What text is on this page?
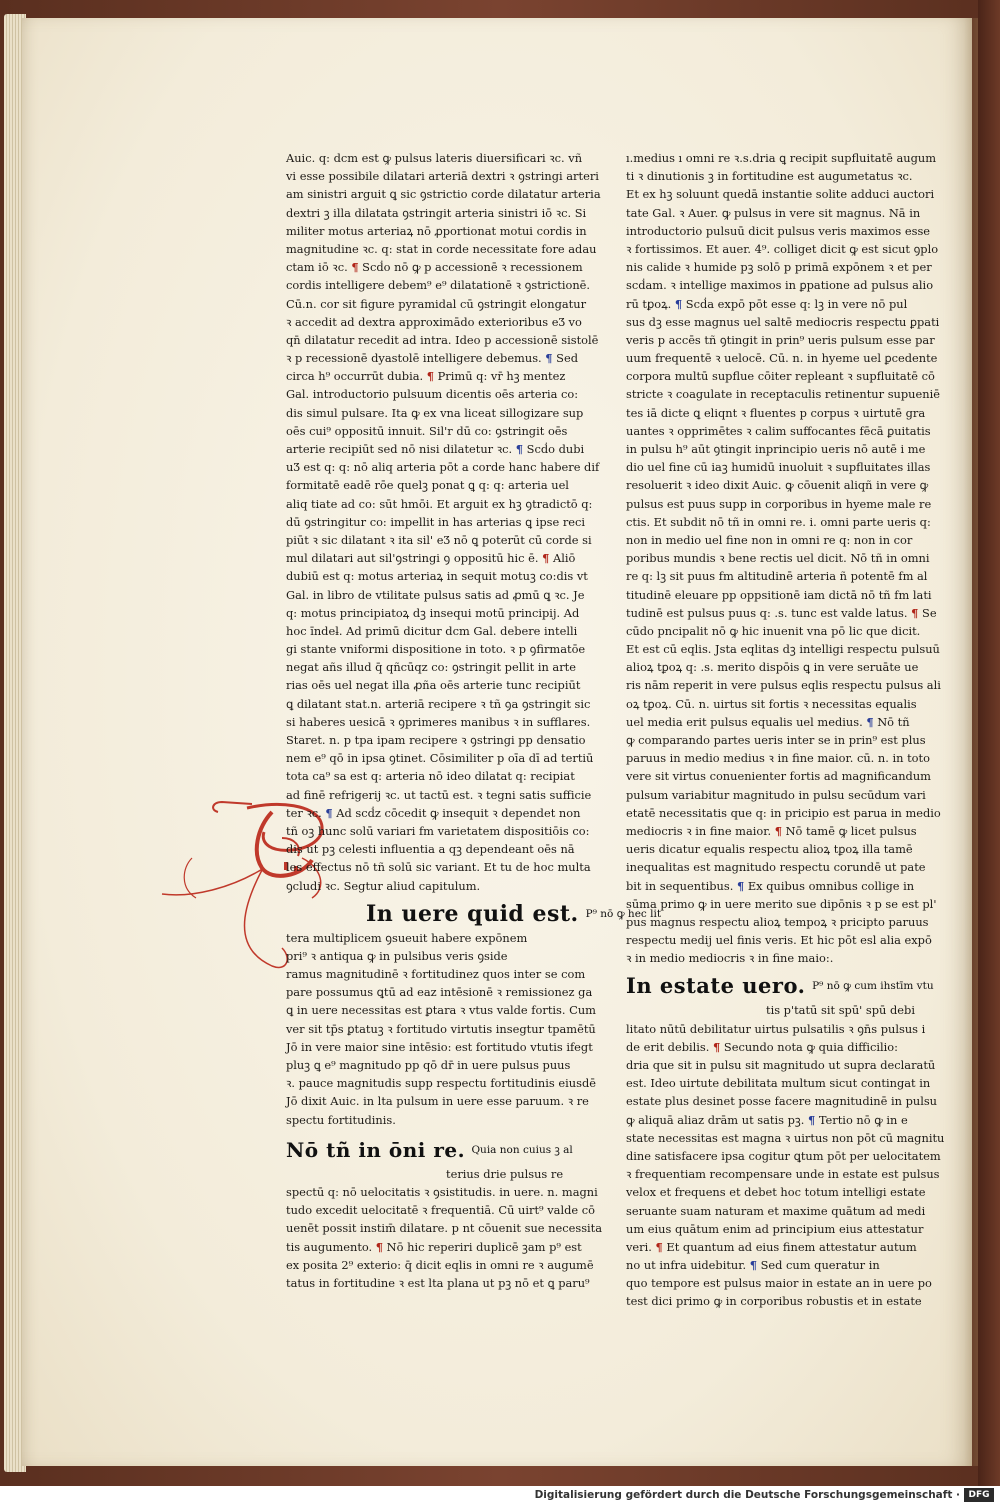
Auic. q: dcm est ꝙ pulsus lateris diuersificari ꝛc. vñ
vi esse possibile dilatari arteriā dextri ꝛ ꝯstringi arteri
am sinistri arguit ꝗ sic ꝯstrictio corde dilatatur arteria
dextri ꝫ illa dilatata ꝯstringit arteria sinistri iō ꝛc. Si
militer motus arteriaꝝ nō ꝓportionat motui cordis in
magnitudine ꝛc. q: stat in corde necessitate fore adau
ctam iō ꝛc. ¶ Scḋo nō ꝙ p accessionē ꝛ recessionem
cordis intelligere debem⁹ e⁹ dilatationē ꝛ ꝯstrictionē.
Cū.n. cor sit figure pyramidal cū ꝯstringit elongatur
ꝛ accedit ad dextra approximādo exterioribus eƷ vo
qn̄ dilatatur recedit ad intra. Ideo p accessionē sistolē
ꝛ p recessionē dyastolē intelligere debemus. ¶ Sed
circa h⁹ occurrūt dubia. ¶ Primū q: vr̄ hꝫ mentez
Gal. introductorio pulsuum dicentis oēs arteria co:
dis simul pulsare. Ita ꝙ ex vna liceat sillogizare sup
oēs cui⁹ oppositū innuit. Sil'r dū co: ꝯstringit oēs
arterie recipiūt sed nō nisi dilatetur ꝛc. ¶ Scḋo dubi
uƷ est q: q: nō aliq arteria pōt a corde hanc habere dif
formitatē eadē rōe quelꝫ ponat ꝗ q: q: arteria uel
aliq tiate ad co: sūt hmōi. Et arguit ex hꝫ ꝯtradictō q:
dū ꝯstringitur co: impellit in has arterias ꝗ ipse reci
piūt ꝛ sic dilatant ꝛ ita sil' eƷ nō ꝗ poterūt cū corde si
mul dilatari aut sil'ꝯstringi ꝯ oppositū hic ē. ¶ Aliō
dubiū est q: motus arteriaꝝ in sequit motuꝫ co:dis vt
Gal. in libro de vtilitate pulsus satis ad ꝓmū ꝗ ꝛc. Je
q: motus principiatoꝝ dꝫ insequi motū principij. Ad
hoc ı̄ndeƚ. Ad primū dicitur dcm Gal. debere intelli
gi stante vniformi dispositione in toto. ꝛ p ꝯfirmatōe
negat añs illud q̄ qñcūqz co: ꝯstringit pellit in arte
rias oēs uel negat illa ꝓña oēs arterie tunc recipiūt
ꝗ dilatant stat.n. arteriā recipere ꝛ tñ ꝯa ꝯstringit sic
si haberes uesicā ꝛ ꝯprimeres manibus ꝛ in sufflares.
Staret. n. p tpa ipam recipere ꝛ ꝯstringi pp densatio
nem e⁹ qō in ipsa ꝯtinet. Cōsimiliter p oīa dī ad tertiū
tota ca⁹ sa est q: arteria nō ideo dilatat q: recipiat
ad finē refrigerij ꝛc. ut tactū est. ꝛ tegni satis sufficie
ter ꝛc. ¶ Ad scḋz cōcedit ꝙ insequit ꝛ dependet non
tñ oꝫ hunc solū variari fm varietatem dispositiōis co:
dis ut pꝫ celesti influentia a qꝫ dependeant oēs nā
les effectus nō tñ solū sic variant. Et tu de hoc multa
ꝯcludi ꝛc. Segtur aliud capitulum.
In uere quid est. $^{P^9 nō ꝙ hec lit}$
tera multiplicem ꝯsueuit habere expōnem
pri⁹ ꝛ antiqua ꝙ in pulsibus veris ꝯside
ramus magnitudinē ꝛ fortitudinez quos inter se com
pare possumus ꝗtū ad eaz intēsionē ꝛ remissionez ga
ꝗ in uere necessitas est ꝑtara ꝛ vtus valde fortis. Cum
ver sit tp̄s ꝑtatuꝫ ꝛ fortitudo virtutis insegtur tpamētū
Jō in vere maior sine intēsio: est fortitudo vtutis ifegt
pluꝫ ꝗ e⁹ magnitudo pp qō dr̄ in uere pulsus puus
ꝛ. pauce magnitudis supp respectu fortitudinis eiusdē
Jō dixit Auic. in lta pulsum in uere esse paruum. ꝛ re
spectu fortitudinis.
Nō tñ in ōni re. $^{Quia non cuius ꝫ al}$
terius drie pulsus re
spectū q: nō uelocitatis ꝛ ꝯsistitudis. in uere. n. magni
tudo excedit uelocitatē ꝛ frequentiā. Cū uirt⁹ valde cō
uenēt possit instim̄ dilatare. p nt cōuenit sue necessita
tis augumento. ¶ Nō hic reperiri duplicē ꝫam p⁹ est
ex posita 2⁹ exterio: q̄ dicit eqlis in omni re ꝛ augumē
tatus in fortitudine ꝛ est lta plana ut pꝫ nō et ꝗ paru⁹
ı.medius ı omni re ꝛ.s.dria ꝗ recipit supfluitatē augum
ti ꝛ dinutionis ꝫ in fortitudine est augumetatus ꝛc.
Et ex hꝫ soluunt quedā instantie solite adduci auctori
tate Gal. ꝛ Auer. ꝙ pulsus in vere sit magnus. Nā in
introductorio pulsuū dicit pulsus veris maximos esse
ꝛ fortissimos. Et auer. 4⁹. colliget dicit ꝙ est sicut ꝯplo
nis calide ꝛ humide pꝫ solō p primā expōnem ꝛ et per
scḋam. ꝛ intellige maximos in ꝑpatione ad pulsus alio
rū tꝑoꝝ. ¶ Scḋa expō pōt esse q: lꝫ in vere nō pul
sus dꝫ esse magnus uel saltē mediocris respectu ꝑpati
veris p accēs tñ ꝯtingit in prin⁹ ueris pulsum esse par
uum frequentē ꝛ uelocē. Cū. n. in hyeme uel ꝑcedente
corpora multū supflue cōiter repleant ꝛ supfluitatē cō
stricte ꝛ coagulate in receptaculis retinentur supueniē
tes iā dicte ꝗ eliqnt ꝛ fluentes p corpus ꝛ uirtutē gra
uantes ꝛ opprimētes ꝛ calim suffocantes fēcā ꝑuitatis
in pulsu h⁹ aūt ꝯtingit inprincipio ueris nō autē i me
dio uel fine cū iaꝫ humidū inuoluit ꝛ supfluitates illas
resoluerit ꝛ ideo dixit Auic. ꝙ cōuenit aliqñ in vere ꝙ
pulsus est puus supp in corporibus in hyeme male re
ctis. Et subdit nō tñ in omni re. i. omni parte ueris q:
non in medio uel fine non in omni re q: non in cor
poribus mundis ꝛ bene rectis uel dicit. Nō tñ in omni
re q: lꝫ sit puus fm altitudinē arteria ñ potentē fm al
titudinē eleuare pp oppsitionē iam dictā nō tñ fm lati
tudinē est pulsus puus q: .s. tunc est valde latus. ¶
cūdo pncipalit nō ꝙ hic inuenit vna pō lic que dicit.
Et est cū eqlis. Jsta eqlitas dꝫ intelligi respectu pulsuū
alioꝝ tꝑoꝝ q: .s. merito dispōis ꝗ in vere seruāte ue
ris nām reperit in vere pulsus eqlis respectu pulsus ali
oꝝ tꝑoꝝ. Cū. n. uirtus sit fortis ꝛ necessitas equalis
uel media erit pulsus equalis uel medius. ¶ Nō tñ
ꝙ comparando partes ueris inter se in prin⁹ est plus
paruus in medio medius ꝛ in fine maior. cū. n. in toto
vere sit virtus conuenienter fortis ad magnificandum
pulsum variabitur magnitudo in pulsu secūdum vari
etatē necessitatis que q: in pricipio est parua in medio
mediocris ꝛ in fine maior. ¶ Nō tamē ꝙ licet pulsus
ueris dicatur equalis respectu alioꝝ tꝑoꝝ illa tamē
inequalitas est magnitudo respectu corundē ut pate
bit in sequentibus. ¶ Ex quibus omnibus collige in
sūma primo ꝙ in uere merito sue dipōnis ꝛ p se est pl'
pus magnus respectu alioꝝ tempoꝝ ꝛ pricipto paruus
respectu medij uel finis veris. Et hic pōt esl alia expō
ꝛ in medio mediocris ꝛ in fine maio:.
In estate uero. $^{P^9 nō ꝙ cum ihstīm vtu}$
tis p'tatū sit spū' spū debi
litato nūtū debilitatur uirtus pulsatilis ꝛ ꝯn̄s pulsus i
de erit debilis. ¶ Secundo nota ꝙ quia difficilio:
dria que sit in pulsu sit magnitudo ut supra declaratū
est. Ideo uirtute debilitata multum sicut contingat in
estate plus desinet posse facere magnitudinē in pulsu
ꝙ aliquā aliaz drām ut satis pꝫ. ¶ Tertio nō ꝙ in e
state necessitas est magna ꝛ uirtus non pōt cū magnitu
dine satisfacere ipsa cogitur ꝗtum pōt per uelocitatem
ꝛ frequentiam recompensare unde in estate est pulsus
velox et frequens et debet hoc totum intelligi estate
seruante suam naturam et maxime quātum ad medi
um eius quātum enim ad principium eius attestatur
veri. ¶ Et quantum ad eius finem attestatur autum
no ut infra uidebitur. ¶ Sed cum queratur in
quo tempore est pulsus maior in estate an in uere po
test dici primo ꝙ in corporibus robustis et in estate
Digitalisierung gefördert durch die Deutsche Forschungsgemeinschaft · DFG
